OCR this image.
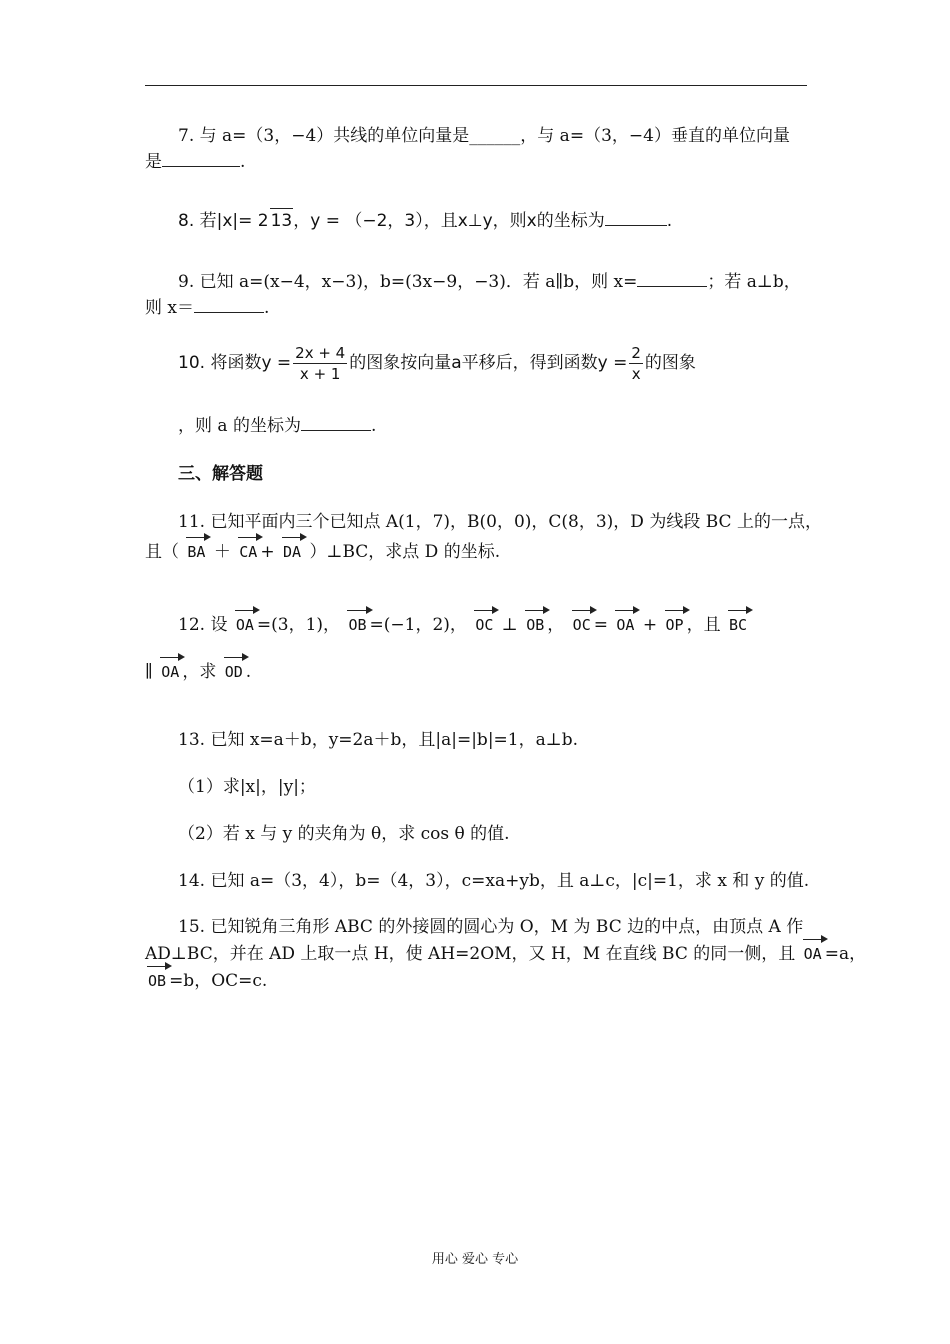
7. 与 a=（3，−4）共线的单位向量是______，与 a=（3，−4）垂直的单位向量
是	.
8. 若|x|= 2 13，y = （−2，3），且x⊥y，则x的坐标为	.
9. 已知 a=(x−4，x−3)，b=(3x−9，−3)．若 a∥b，则 x=	；若 a⊥b，
则 x＝	.
10. 将函数$y = \frac{2x + 4}{x + 1}$ 的图象按向量a平移后，得到函数$y = \frac{2}{x}$ 的图象
，则 a 的坐标为	.
三、解答题
11. 已知平面内三个已知点 A(1，7)，B(0，0)，C(8，3)，D 为线段 BC 上的一点，
且（ BA ＋ CA + DA ）⊥BC，求点 D 的坐标.
12. 设 OA =(3，1)， OB =(−1，2)， OC ⊥ OB ， OC = OA + OP ，且 BC
∥ OA ，求 OD .
13. 已知 x=a＋b，y=2a＋b，且|a|=|b|=1，a⊥b.
（1）求|x|，|y|；
（2）若 x 与 y 的夹角为 θ，求 cos θ 的值.
14. 已知 a=（3，4），b=（4，3），c=xa+yb，且 a⊥c，|c|=1，求 x 和 y 的值.
15. 已知锐角三角形 ABC 的外接圆的圆心为 O，M 为 BC 边的中点，由顶点 A 作
AD⊥BC，并在 AD 上取一点 H，使 AH=2OM，又 H，M 在直线 BC 的同一侧，且 OA =a，
OB =b，OC=c.
用心 爱心 专心
